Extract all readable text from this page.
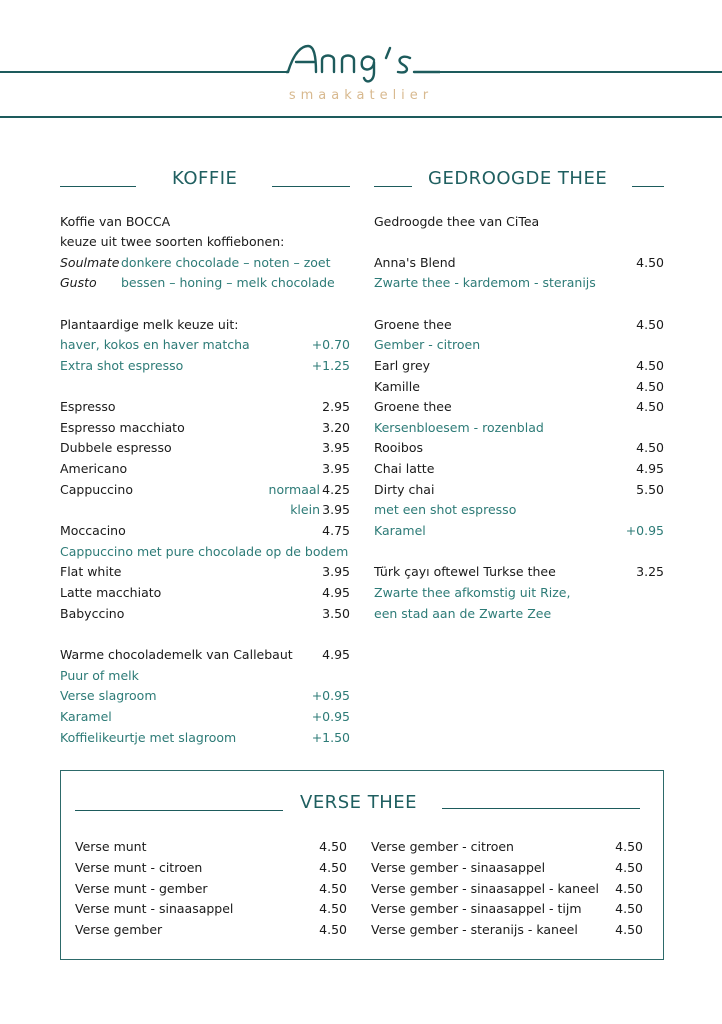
smaakatelier
KOFFIE	GEDROOGDE THEE
Koffie van BOCCA
keuze uit twee soorten koffiebonen:
Soulmate donkere chocolade – noten – zoet
Gusto bessen – honing – melk chocolade
Plantaardige melk keuze uit:
haver, kokos en haver matcha	+0.70
Extra shot espresso	+1.25
Espresso	2.95
Espresso macchiato	3.20
Dubbele espresso	3.95
Americano	3.95
Cappuccino	normaal 4.25
klein 3.95
Moccacino	4.75
Cappuccino met pure chocolade op de bodem
Flat white	3.95
Latte macchiato	4.95
Babyccino	3.50
Warme chocolademelk van Callebaut 4.95
Puur of melk
Verse slagroom	+0.95
Karamel	+0.95
Koffielikeurtje met slagroom	+1.50
Gedroogde thee van CiTea
Anna's Blend	4.50
Zwarte thee - kardemom - steranijs
Groene thee	4.50
Gember - citroen
Earl grey	4.50
Kamille	4.50
Groene thee	4.50
Kersenbloesem - rozenblad
Rooibos	4.50
Chai latte	4.95
Dirty chai	5.50
met een shot espresso
Karamel	+0.95
Türk çayı oftewel Turkse thee	3.25
Zwarte thee afkomstig uit Rize,
een stad aan de Zwarte Zee
VERSE THEE
Verse munt	4.50
Verse munt - citroen	4.50
Verse munt - gember	4.50
Verse munt - sinaasappel	4.50
Verse gember	4.50
Verse gember - citroen	4.50
Verse gember - sinaasappel	4.50
Verse gember - sinaasappel - kaneel 4.50
Verse gember - sinaasappel - tijm	4.50
Verse gember - steranijs - kaneel	4.50
